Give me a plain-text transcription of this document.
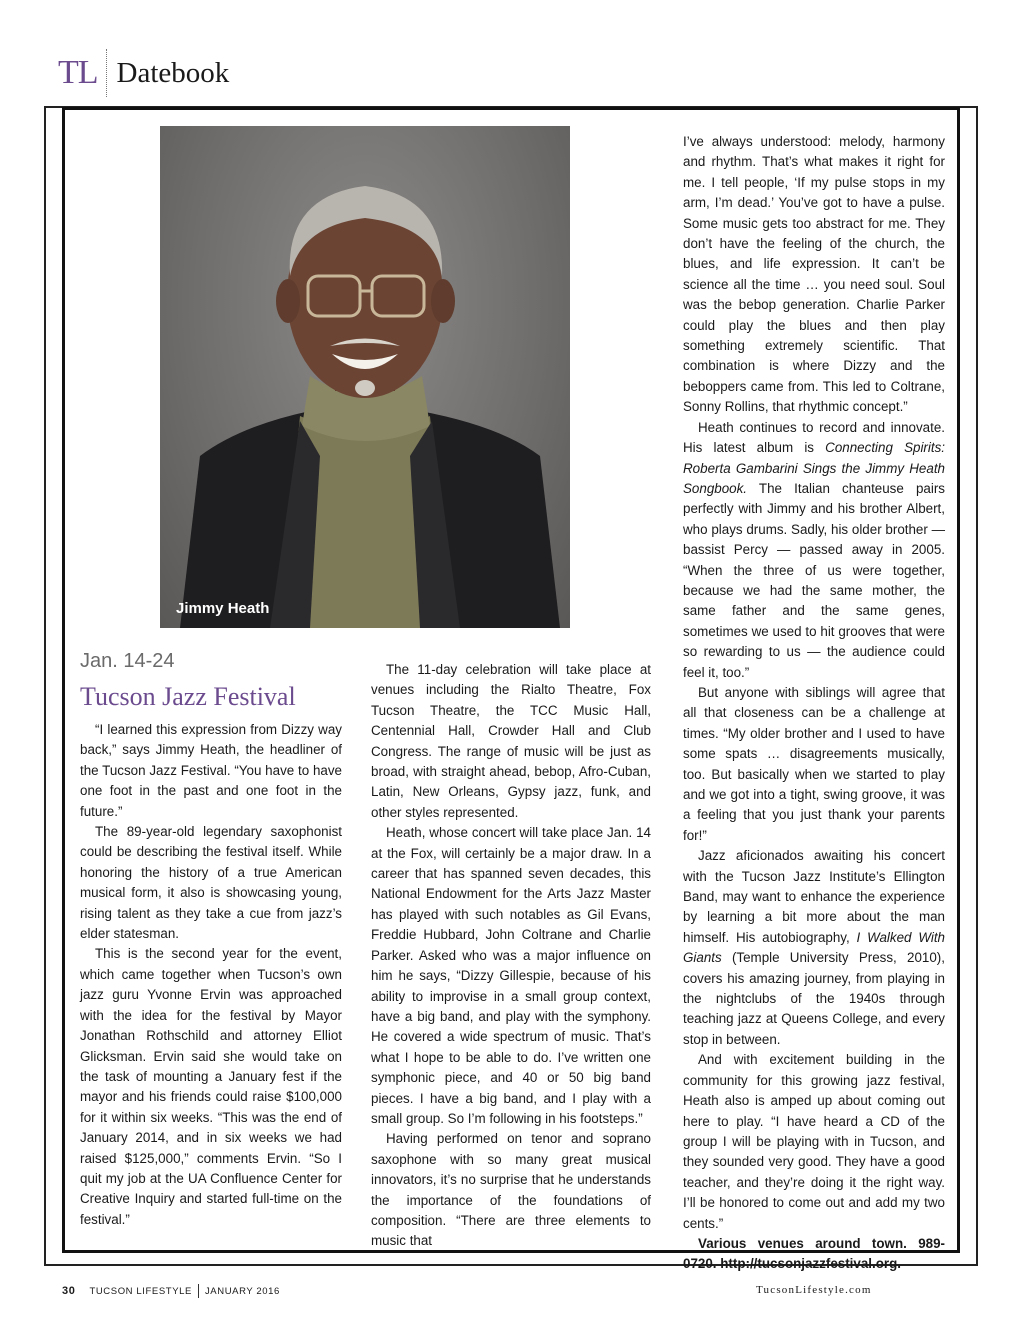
TL Datebook
Jimmy Heath
Jan. 14-24
Tucson Jazz Festival

“I learned this expression from Dizzy way back,” says Jimmy Heath, the headliner of the Tucson Jazz Festival. “You have to have one foot in the past and one foot in the future.”

The 89-year-old legendary saxophonist could be describing the festival itself. While honoring the history of a true American musical form, it also is showcasing young, rising talent as they take a cue from jazz’s elder statesman.

This is the second year for the event, which came together when Tucson’s own jazz guru Yvonne Ervin was approached with the idea for the festival by Mayor Jonathan Rothschild and attorney Elliot Glicksman. Ervin said she would take on the task of mounting a January fest if the mayor and his friends could raise $100,000 for it within six weeks. “This was the end of January 2014, and in six weeks we had raised $125,000,” comments Ervin. “So I quit my job at the UA Confluence Center for Creative Inquiry and started full-time on the festival.”

The 11-day celebration will take place at venues including the Rialto Theatre, Fox Tucson Theatre, the TCC Music Hall, Centennial Hall, Crowder Hall and Club Congress. The range of music will be just as broad, with straight ahead, bebop, Afro-Cuban, Latin, New Orleans, Gypsy jazz, funk, and other styles represented.

Heath, whose concert will take place Jan. 14 at the Fox, will certainly be a major draw. In a career that has spanned seven decades, this National Endowment for the Arts Jazz Master has played with such notables as Gil Evans, Freddie Hubbard, John Coltrane and Charlie Parker. Asked who was a major influence on him he says, “Dizzy Gillespie, because of his ability to improvise in a small group context, have a big band, and play with the symphony. He covered a wide spectrum of music. That’s what I hope to be able to do. I’ve written one symphonic piece, and 40 or 50 big band pieces. I have a big band, and I play with a small group. So I’m following in his footsteps.”

Having performed on tenor and soprano saxophone with so many great musical innovators, it’s no surprise that he understands the importance of the foundations of composition. “There are three elements to music that

I’ve always understood: melody, harmony and rhythm. That’s what makes it right for me. I tell people, ‘If my pulse stops in my arm, I’m dead.’ You’ve got to have a pulse. Some music gets too abstract for me. They don’t have the feeling of the church, the blues, and life expression. It can’t be science all the time … you need soul. Soul was the bebop generation. Charlie Parker could play the blues and then play something extremely scientific. That combination is where Dizzy and the beboppers came from. This led to Coltrane, Sonny Rollins, that rhythmic concept.”

Heath continues to record and innovate. His latest album is Connecting Spirits: Roberta Gambarini Sings the Jimmy Heath Songbook. The Italian chanteuse pairs perfectly with Jimmy and his brother Albert, who plays drums. Sadly, his older brother — bassist Percy — passed away in 2005. “When the three of us were together, because we had the same mother, the same father and the same genes, sometimes we used to hit grooves that were so rewarding to us — the audience could feel it, too.”

But anyone with siblings will agree that all that closeness can be a challenge at times. “My older brother and I used to have some spats … disagreements musically, too. But basically when we started to play and we got into a tight, swing groove, it was a feeling that you just thank your parents for!”

Jazz aficionados awaiting his concert with the Tucson Jazz Institute’s Ellington Band, may want to enhance the experience by learning a bit more about the man himself. His autobiography, I Walked With Giants (Temple University Press, 2010), covers his amazing journey, from playing in the nightclubs of the 1940s through teaching jazz at Queens College, and every stop in between.

And with excitement building in the community for this growing jazz festival, Heath also is amped up about coming out here to play. “I have heard a CD of the group I will be playing with in Tucson, and they sounded very good. They have a good teacher, and they’re doing it the right way. I’ll be honored to come out and add my two cents.”

Various venues around town. 989-0720. http://tucsonjazzfestival.org.

30 TUCSON LIFESTYLE JANUARY 2016	TucsonLifestyle.com
